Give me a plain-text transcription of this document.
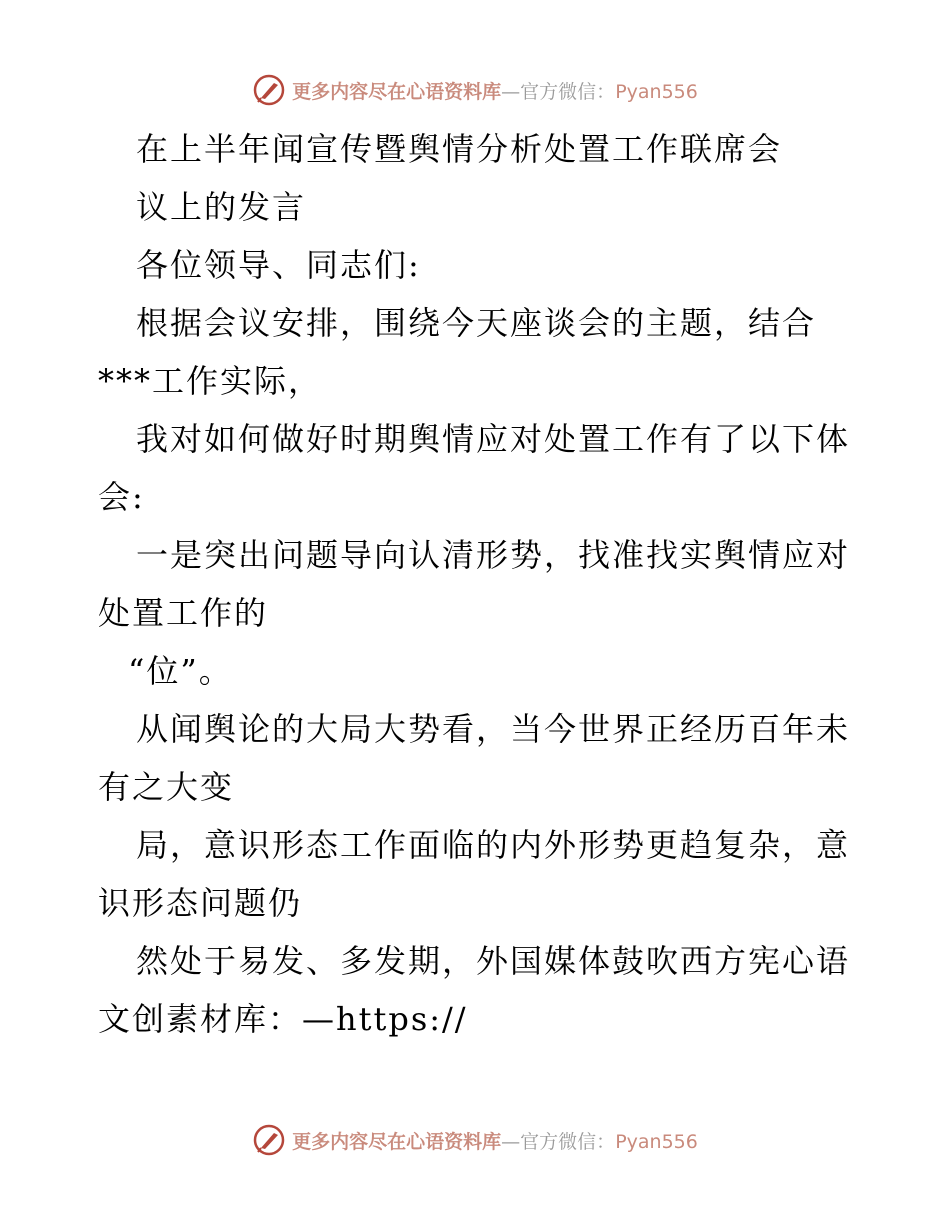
更多内容尽在心语资料库—官方微信：Pyan556
在上半年闻宣传暨舆情分析处置工作联席会
议上的发言
各位领导、同志们:
根据会议安排，围绕今天座谈会的主题，结合
***工作实际，
我对如何做好时期舆情应对处置工作有了以下体
会:
一是突出问题导向认清形势，找准找实舆情应对
处置工作的
“位”。
从闻舆论的大局大势看，当今世界正经历百年未
有之大变
局，意识形态工作面临的内外形势更趋复杂，意
识形态问题仍
然处于易发、多发期，外国媒体鼓吹西方宪心语
文创素材库：—https://
更多内容尽在心语资料库—官方微信：Pyan556
